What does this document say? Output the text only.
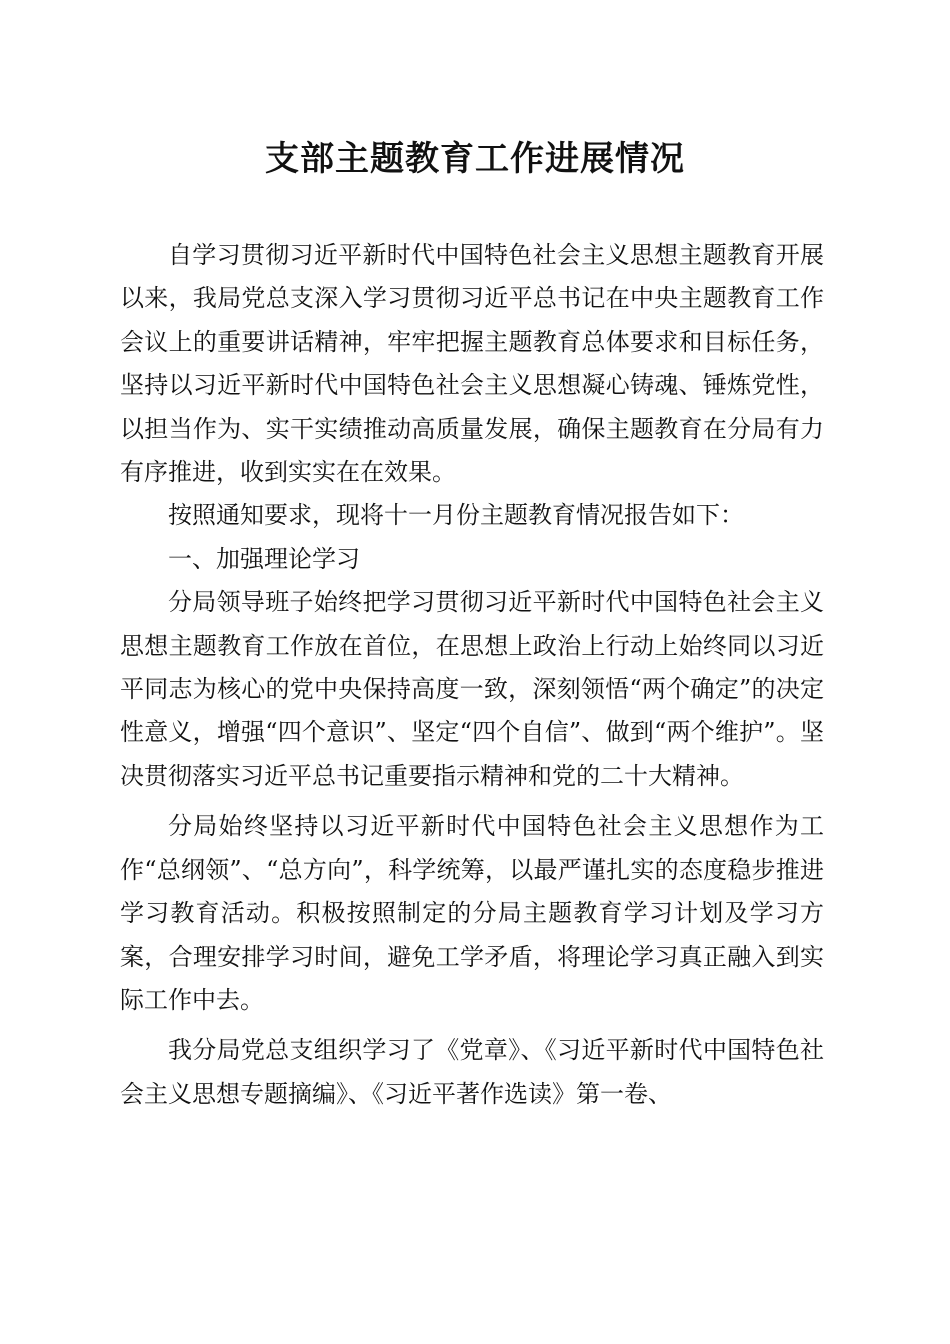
支部主题教育工作进展情况

自学习贯彻习近平新时代中国特色社会主义思想主题教育开展以来，我局党总支深入学习贯彻习近平总书记在中央主题教育工作会议上的重要讲话精神，牢牢把握主题教育总体要求和目标任务，坚持以习近平新时代中国特色社会主义思想凝心铸魂、锤炼党性，以担当作为、实干实绩推动高质量发展，确保主题教育在分局有力有序推进，收到实实在在效果。

按照通知要求，现将十一月份主题教育情况报告如下：

一、加强理论学习

分局领导班子始终把学习贯彻习近平新时代中国特色社会主义思想主题教育工作放在首位，在思想上政治上行动上始终同以习近平同志为核心的党中央保持高度一致，深刻领悟“两个确定”的决定性意义，增强“四个意识”、坚定“四个自信”、做到“两个维护”。坚决贯彻落实习近平总书记重要指示精神和党的二十大精神。

分局始终坚持以习近平新时代中国特色社会主义思想作为工作“总纲领”、“总方向”，科学统筹，以最严谨扎实的态度稳步推进学习教育活动。积极按照制定的分局主题教育学习计划及学习方案，合理安排学习时间，避免工学矛盾，将理论学习真正融入到实际工作中去。

我分局党总支组织学习了《党章》、《习近平新时代中国特色社会主义思想专题摘编》、《习近平著作选读》第一卷、
